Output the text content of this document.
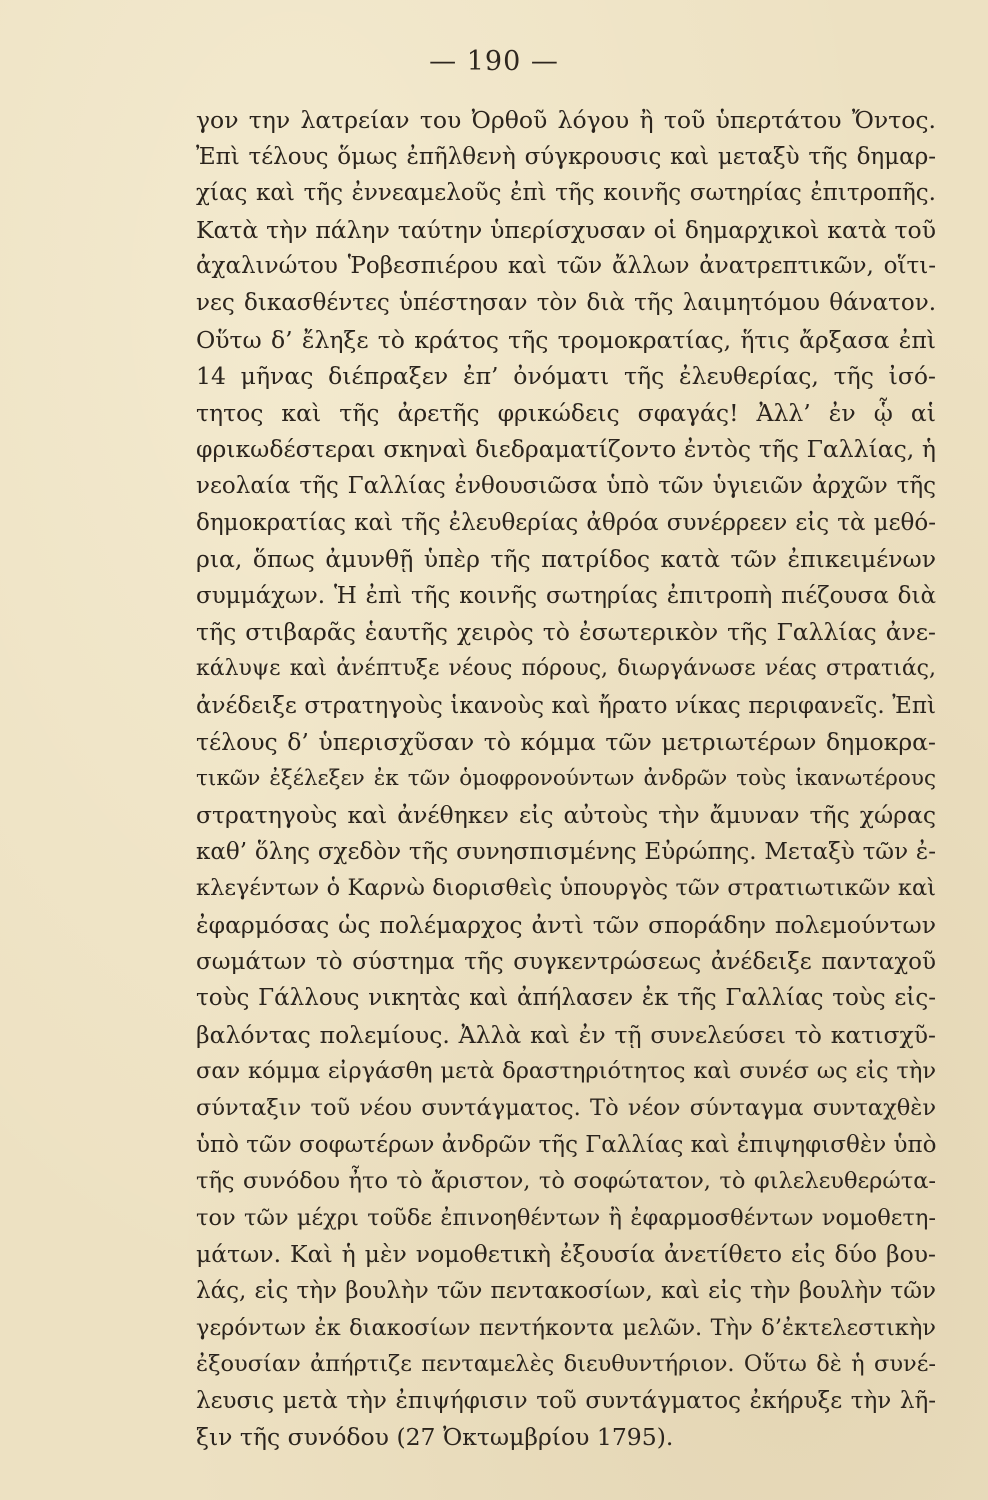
— 190 —
γον την λατρείαν του Ὀρθοῦ λόγου ἢ τοῦ ὑπερτάτου Ὄντος.
Ἐπὶ τέλους ὅμως ἐπῆλθενὴ σύγκρουσις καὶ μεταξὺ τῆς δημαρ-
χίας καὶ τῆς ἐννεαμελοῦς ἐπὶ τῆς κοινῆς σωτηρίας ἐπιτροπῆς.
Κατὰ τὴν πάλην ταύτην ὑπερίσχυσαν οἱ δημαρχικοὶ κατὰ τοῦ
ἀχαλινώτου Ῥοβεσπιέρου καὶ τῶν ἄλλων ἀνατρεπτικῶν, οἵτι-
νες δικασθέντες ὑπέστησαν τὸν διὰ τῆς λαιμητόμου θάνατον.
Οὕτω δ’ ἔληξε τὸ κράτος τῆς τρομοκρατίας, ἥτις ἄρξασα ἐπὶ
14 μῆνας διέπραξεν ἐπ’ ὀνόματι τῆς ἐλευθερίας, τῆς ἰσό-
τητος καὶ τῆς ἀρετῆς φρικώδεις σφαγάς! Ἀλλ’ ἐν ᾧ αἱ
φρικωδέστεραι σκηναὶ διεδραματίζοντο ἐντὸς τῆς Γαλλίας, ἡ
νεολαία τῆς Γαλλίας ἐνθουσιῶσα ὑπὸ τῶν ὑγιειῶν ἀρχῶν τῆς
δημοκρατίας καὶ τῆς ἐλευθερίας ἀθρόα συνέρρεεν εἰς τὰ μεθό-
ρια, ὅπως ἀμυνθῇ ὑπὲρ τῆς πατρίδος κατὰ τῶν ἐπικειμένων
συμμάχων. Ἡ ἐπὶ τῆς κοινῆς σωτηρίας ἐπιτροπὴ πιέζουσα διὰ
τῆς στιβαρᾶς ἑαυτῆς χειρὸς τὸ ἐσωτερικὸν τῆς Γαλλίας ἀνε-
κάλυψε καὶ ἀνέπτυξε νέους πόρους, διωργάνωσε νέας στρατιάς,
ἀνέδειξε στρατηγοὺς ἱκανοὺς καὶ ἤρατο νίκας περιφανεῖς. Ἐπὶ
τέλους δ’ ὑπερισχῦσαν τὸ κόμμα τῶν μετριωτέρων δημοκρα-
τικῶν ἐξέλεξεν ἐκ τῶν ὁμοφρονούντων ἀνδρῶν τοὺς ἱκανωτέρους
στρατηγοὺς καὶ ἀνέθηκεν εἰς αὐτοὺς τὴν ἄμυναν τῆς χώρας
καθ’ ὅλης σχεδὸν τῆς συνησπισμένης Εὐρώπης. Μεταξὺ τῶν ἐ-
κλεγέντων ὁ Καρνὼ διορισθεὶς ὑπουργὸς τῶν στρατιωτικῶν καὶ
ἐφαρμόσας ὡς πολέμαρχος ἀντὶ τῶν σποράδην πολεμούντων
σωμάτων τὸ σύστημα τῆς συγκεντρώσεως ἀνέδειξε πανταχοῦ
τοὺς Γάλλους νικητὰς καὶ ἀπήλασεν ἐκ τῆς Γαλλίας τοὺς εἰς-
βαλόντας πολεμίους. Ἀλλὰ καὶ ἐν τῇ συνελεύσει τὸ κατισχῦ-
σαν κόμμα εἰργάσθη μετὰ δραστηριότητος καὶ συνέσ ως εἰς τὴν
σύνταξιν τοῦ νέου συντάγματος. Τὸ νέον σύνταγμα συνταχθὲν
ὑπὸ τῶν σοφωτέρων ἀνδρῶν τῆς Γαλλίας καὶ ἐπιψηφισθὲν ὑπὸ
τῆς συνόδου ἦτο τὸ ἄριστον, τὸ σοφώτατον, τὸ φιλελευθερώτα-
τον τῶν μέχρι τοῦδε ἐπινοηθέντων ἢ ἐφαρμοσθέντων νομοθετη-
μάτων. Καὶ ἡ μὲν νομοθετικὴ ἐξουσία ἀνετίθετο εἰς δύο βου-
λάς, εἰς τὴν βουλὴν τῶν πεντακοσίων, καὶ εἰς τὴν βουλὴν τῶν
γερόντων ἐκ διακοσίων πεντήκοντα μελῶν. Τὴν δ’ἐκτελεστικὴν
ἐξουσίαν ἀπήρτιζε πενταμελὲς διευθυντήριον. Οὕτω δὲ ἡ συνέ-
λευσις μετὰ τὴν ἐπιψήφισιν τοῦ συντάγματος ἐκήρυξε τὴν λῆ-
ξιν τῆς συνόδου (27 Ὀκτωμβρίου 1795).
